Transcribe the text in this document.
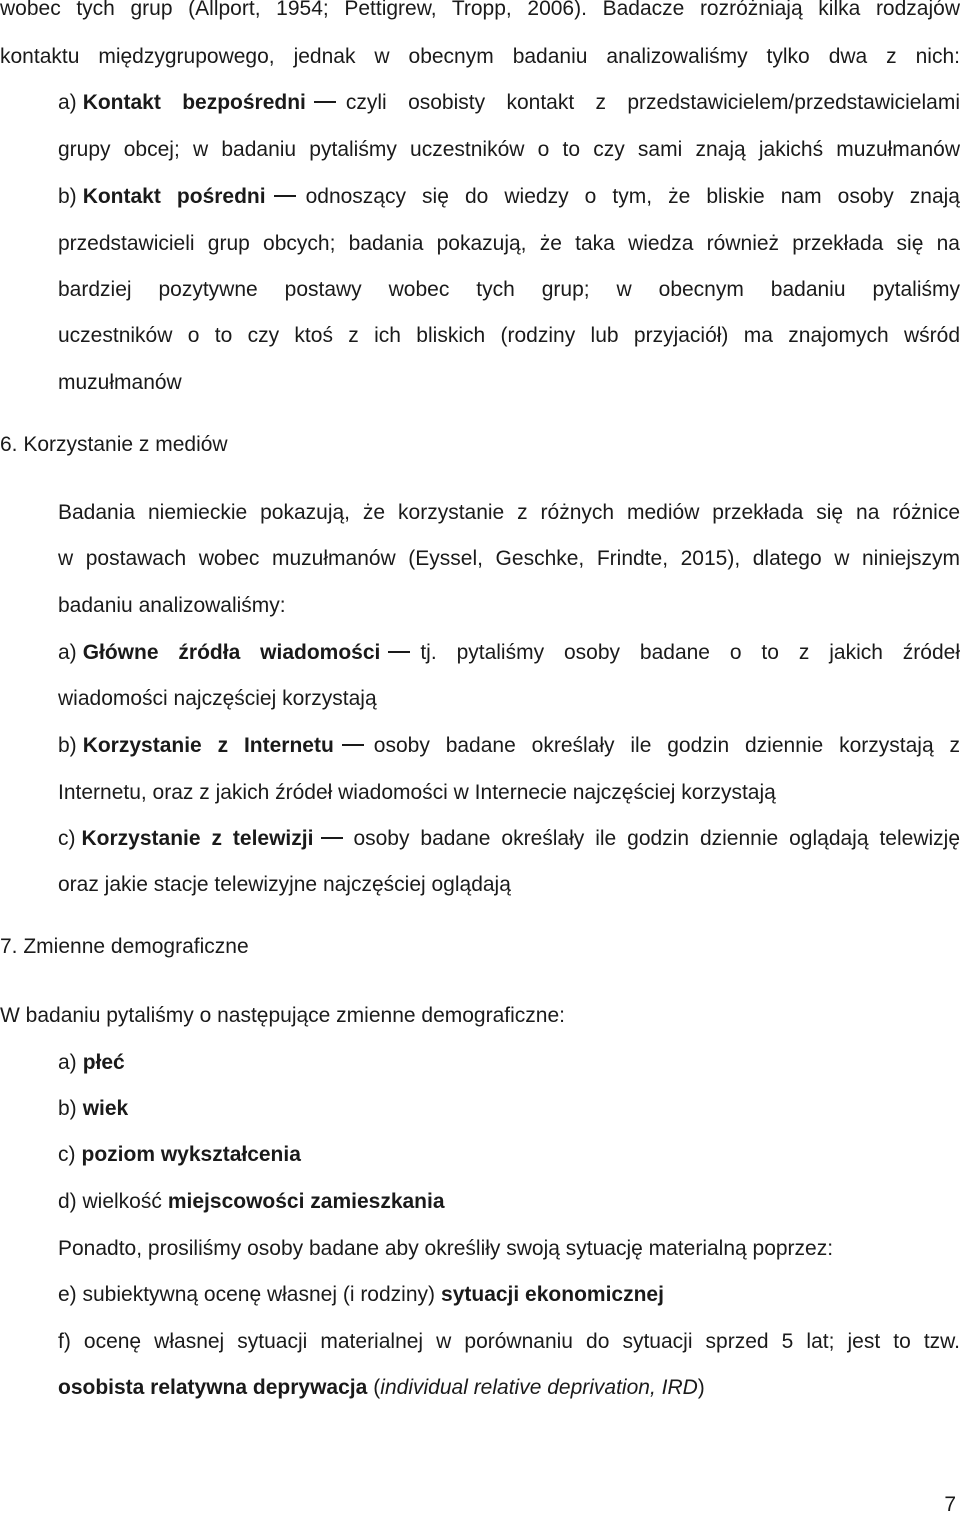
wobec tych grup (Allport, 1954; Pettigrew, Tropp, 2006). Badacze rozróżniają kilka rodzajów
kontaktu międzygrupowego, jednak w obecnym badaniu analizowaliśmy tylko dwa z nich:
a) Kontakt bezpośredni czyli osobisty kontakt z przedstawicielem/przedstawicielami
grupy obcej; w badaniu pytaliśmy uczestników o to czy sami znają jakichś muzułmanów
b) Kontakt pośredni odnoszący się do wiedzy o tym, że bliskie nam osoby znają
przedstawicieli grup obcych; badania pokazują, że taka wiedza również przekłada się na
bardziej pozytywne postawy wobec tych grup; w obecnym badaniu pytaliśmy
uczestników o to czy ktoś z ich bliskich (rodziny lub przyjaciół) ma znajomych wśród
muzułmanów
6. Korzystanie z mediów
Badania niemieckie pokazują, że korzystanie z różnych mediów przekłada się na różnice
w postawach wobec muzułmanów (Eyssel, Geschke, Frindte, 2015), dlatego w niniejszym
badaniu analizowaliśmy:
a) Główne źródła wiadomości tj. pytaliśmy osoby badane o to z jakich źródeł
wiadomości najczęściej korzystają
b) Korzystanie z Internetu osoby badane określały ile godzin dziennie korzystają z
Internetu, oraz z jakich źródeł wiadomości w Internecie najczęściej korzystają
c) Korzystanie z telewizji osoby badane określały ile godzin dziennie oglądają telewizję
oraz jakie stacje telewizyjne najczęściej oglądają
7. Zmienne demograficzne
W badaniu pytaliśmy o następujące zmienne demograficzne:
a) płeć
b) wiek
c) poziom wykształcenia
d) wielkość miejscowości zamieszkania
Ponadto, prosiliśmy osoby badane aby określiły swoją sytuację materialną poprzez:
e) subiektywną ocenę własnej (i rodziny) sytuacji ekonomicznej
f) ocenę własnej sytuacji materialnej w porównaniu do sytuacji sprzed 5 lat; jest to tzw.
osobista relatywna deprywacja (individual relative deprivation, IRD)
7
